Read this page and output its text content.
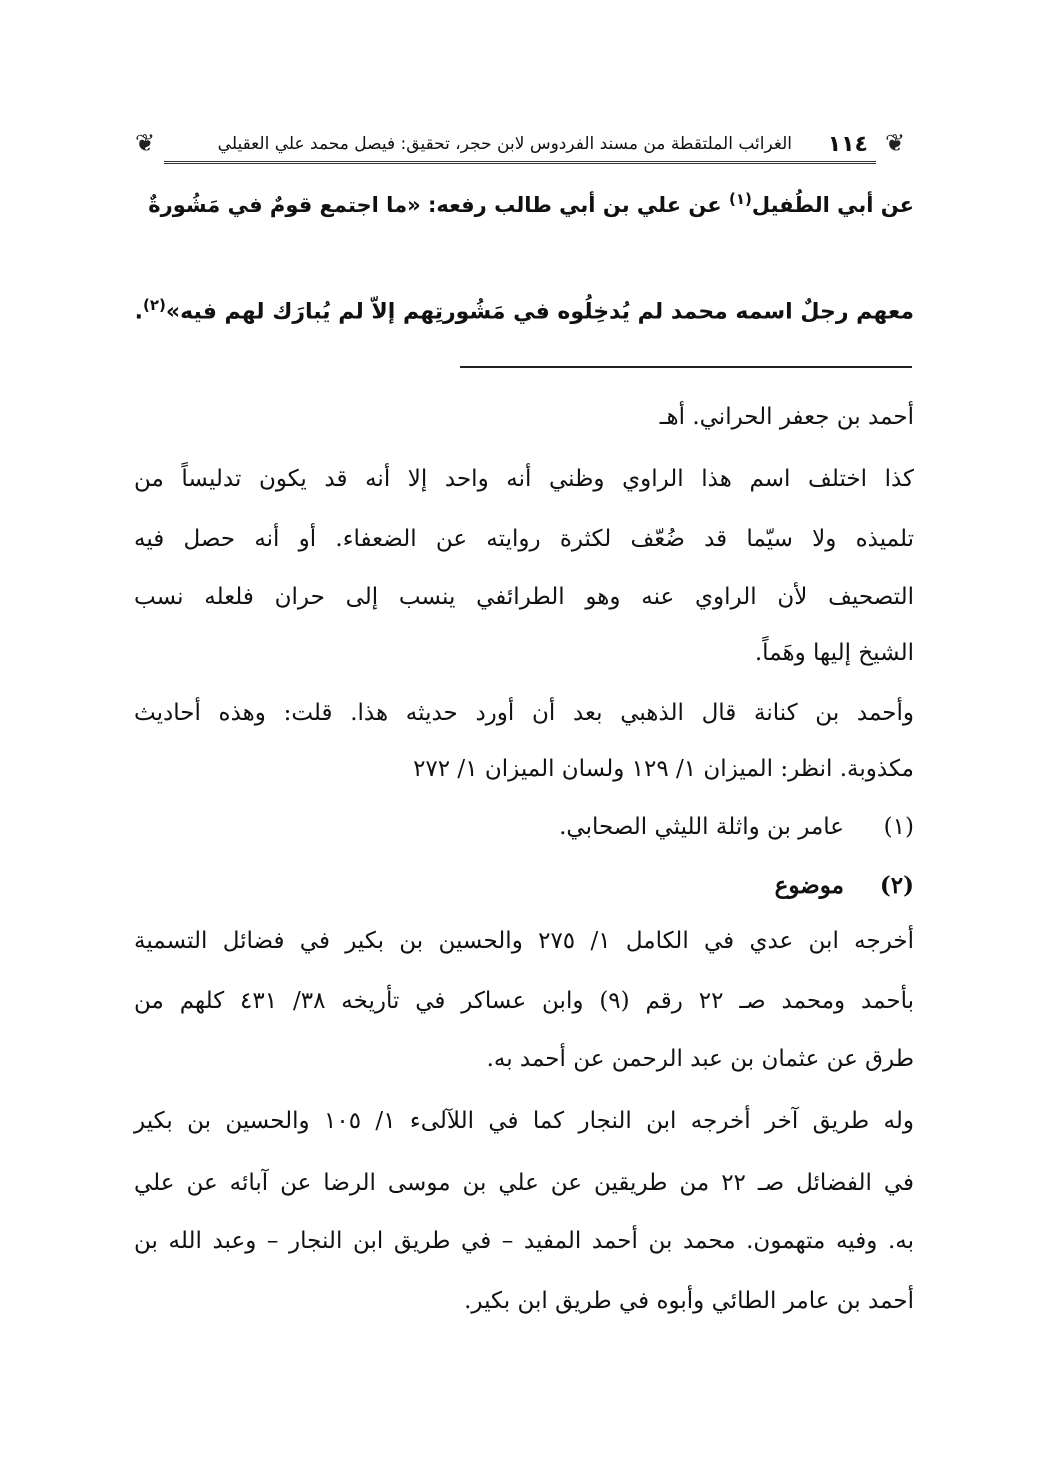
❦
١١٤
الغرائب الملتقطة من مسند الفردوس لابن حجر، تحقيق: فيصل محمد علي العقيلي
❦
عن أبي الطُفيل$^{(١)}$ عن علي بن أبي طالب رفعه: «ما اجتمع قومٌ في مَشُورةٌ
معهم رجلٌ اسمه محمد لم يُدخِلُوه في مَشُورتِهم إلاّ لم يُبارَك لهم فيه»$^{(٢)}$.
أحمد بن جعفر الحراني. أهـ
كذا اختلف اسم هذا الراوي وظني أنه واحد إلا أنه قد يكون تدليساً من
تلميذه ولا سيّما قد ضُعّف لكثرة روايته عن الضعفاء. أو أنه حصل فيه
التصحيف لأن الراوي عنه وهو الطرائفي ينسب إلى حران فلعله نسب
الشيخ إليها وهَماً.
وأحمد بن كنانة قال الذهبي بعد أن أورد حديثه هذا. قلت: وهذه أحاديث
مكذوبة. انظر: الميزان ١/ ١٢٩ ولسان الميزان ١/ ٢٧٢
(١)عامر بن واثلة الليثي الصحابي.
(٢)موضوع
أخرجه ابن عدي في الكامل ١/ ٢٧٥ والحسين بن بكير في فضائل التسمية
بأحمد ومحمد صـ ٢٢ رقم (٩) وابن عساكر في تأريخه ٣٨/ ٤٣١ كلهم من
طرق عن عثمان بن عبد الرحمن عن أحمد به.
وله طريق آخر أخرجه ابن النجار كما في اللآلىء ١/ ١٠٥ والحسين بن بكير
في الفضائل صـ ٢٢ من طريقين عن علي بن موسى الرضا عن آبائه عن علي
به. وفيه متهمون. محمد بن أحمد المفيد – في طريق ابن النجار – وعبد الله بن
أحمد بن عامر الطائي وأبوه في طريق ابن بكير.
